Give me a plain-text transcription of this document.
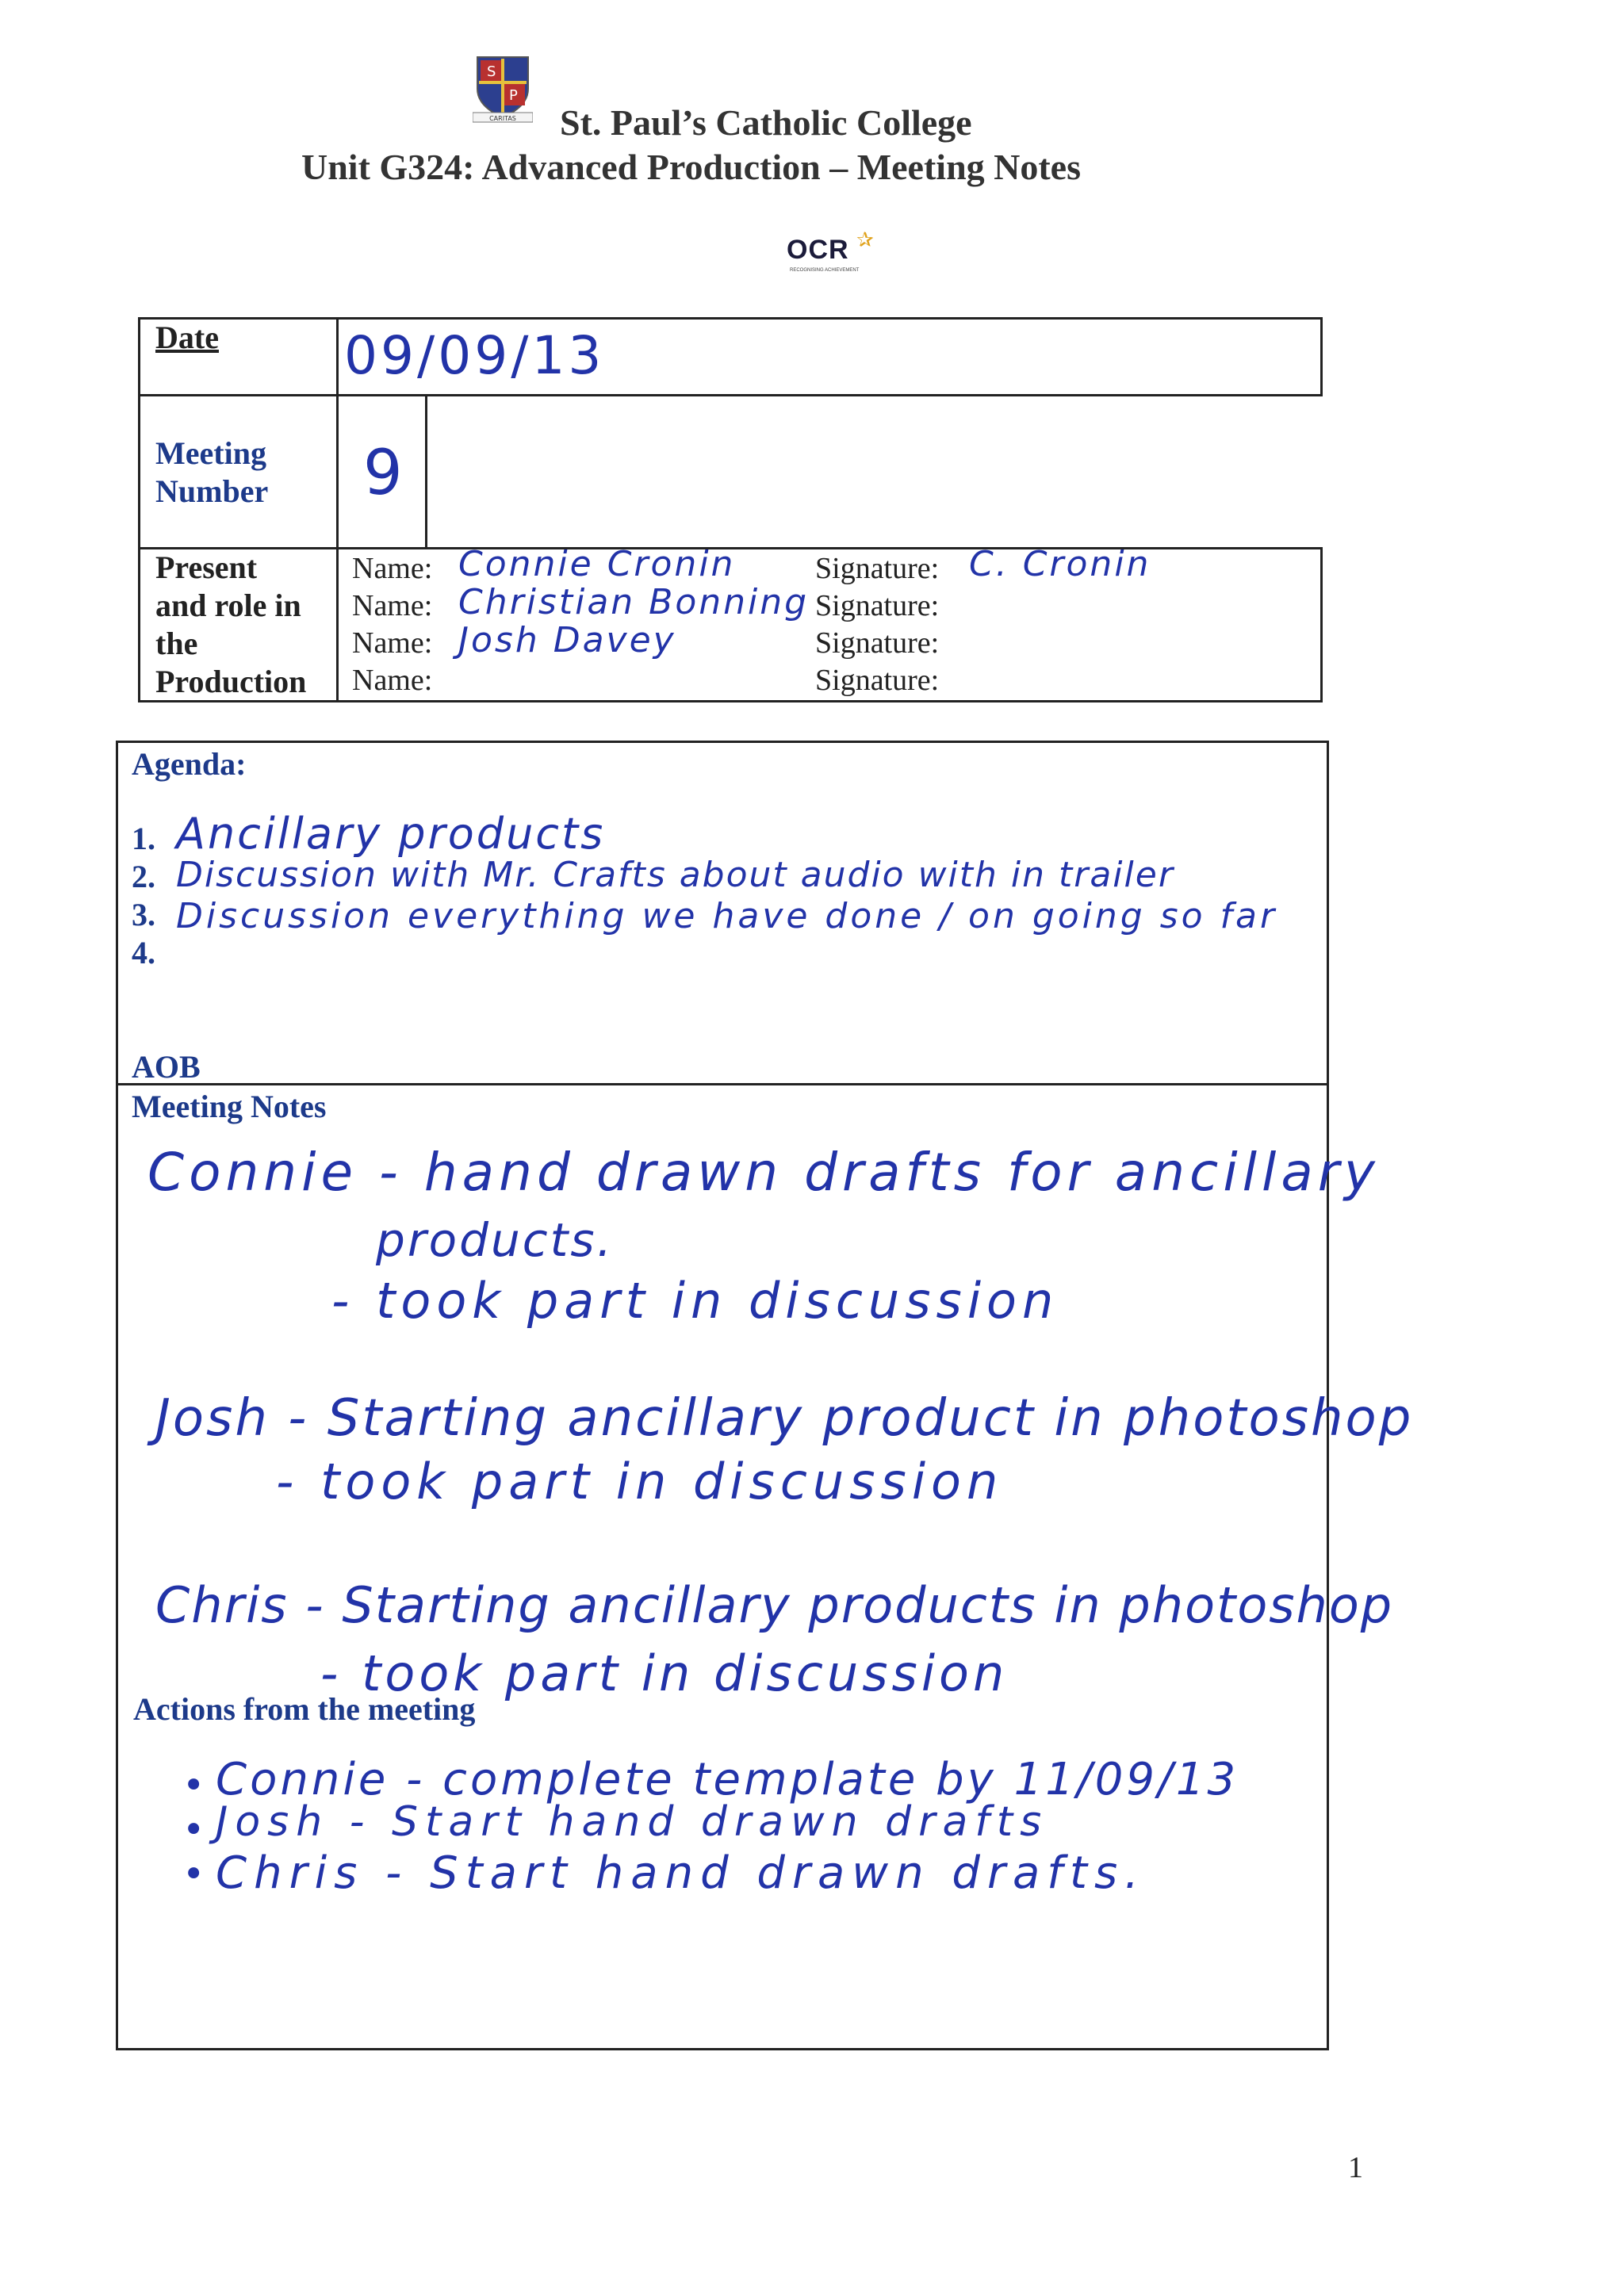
S
P
CARITAS St. Paul’s Catholic College
Unit G324: Advanced Production – Meeting Notes
OCR ✰
RECOGNISING ACHIEVEMENT
Date 09/09/13
Meeting
Number 9
Present
and role in
the
Production
Name:
Name:
Name:
Name:
Connie Cronin
Christian Bonning
Josh Davey
Signature:
Signature:
Signature:
Signature:
C. Cronin
Agenda:
1.
2.
3.
4.
Ancillary products
Discussion with Mr. Crafts about audio with in trailer
Discussion everything we have done / on going so far
AOB
Meeting Notes
Connie - hand drawn drafts for ancillary
products.
- took part in discussion
Josh - Starting ancillary product in photoshop
- took part in discussion
Chris - Starting ancillary products in photoshop
- took part in discussion
Actions from the meeting
•
•
•
Connie - complete template by 11/09/13
Josh - Start hand drawn drafts
Chris - Start hand drawn drafts.
1
